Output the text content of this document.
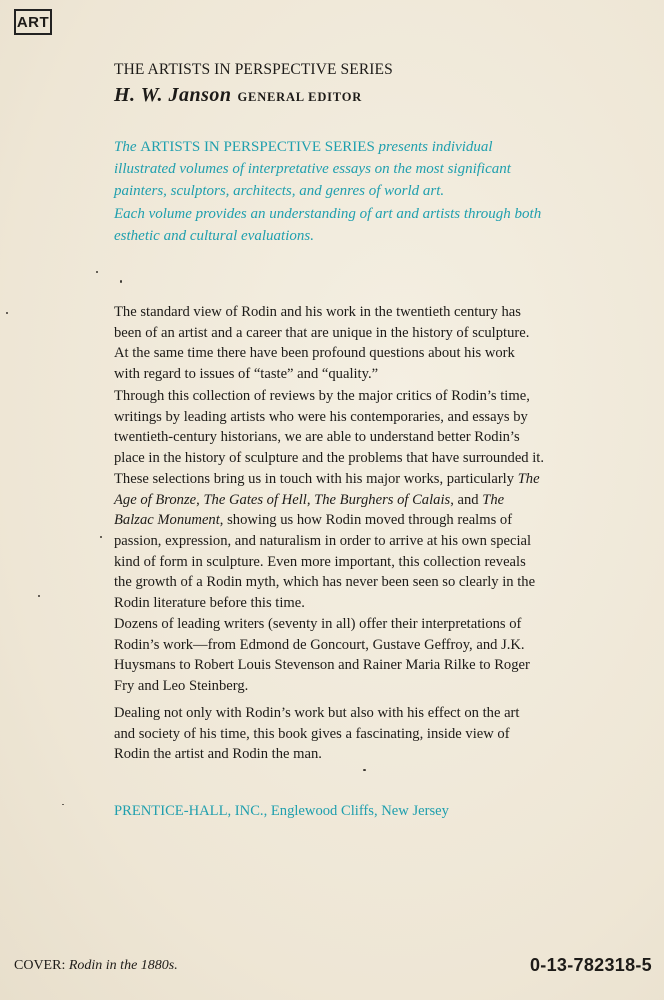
ART
THE ARTISTS IN PERSPECTIVE SERIES
H. W. Janson GENERAL EDITOR

The ARTISTS IN PERSPECTIVE SERIES presents individual illustrated volumes of interpretative essays on the most significant painters, sculptors, architects, and genres of world art.

Each volume provides an understanding of art and artists through both esthetic and cultural evaluations.

The standard view of Rodin and his work in the twentieth century has been of an artist and a career that are unique in the history of sculpture. At the same time there have been profound questions about his work with regard to issues of “taste” and “quality.”

Through this collection of reviews by the major critics of Rodin’s time, writings by leading artists who were his contemporaries, and essays by twentieth-century historians, we are able to understand better Rodin’s place in the history of sculpture and the problems that have surrounded it. These selections bring us in touch with his major works, particularly The Age of Bronze, The Gates of Hell, The Burghers of Calais, and The Balzac Monument, showing us how Rodin moved through realms of passion, expression, and naturalism in order to arrive at his own special kind of form in sculpture. Even more important, this collection reveals the growth of a Rodin myth, which has never been seen so clearly in the Rodin literature before this time.

Dozens of leading writers (seventy in all) offer their interpretations of Rodin’s work—from Edmond de Goncourt, Gustave Geffroy, and J.K. Huysmans to Robert Louis Stevenson and Rainer Maria Rilke to Roger Fry and Leo Steinberg.

Dealing not only with Rodin’s work but also with his effect on the art and society of his time, this book gives a fascinating, inside view of Rodin the artist and Rodin the man.

PRENTICE-HALL, INC., Englewood Cliffs, New Jersey
COVER: Rodin in the 1880s.	0-13-782318-5
